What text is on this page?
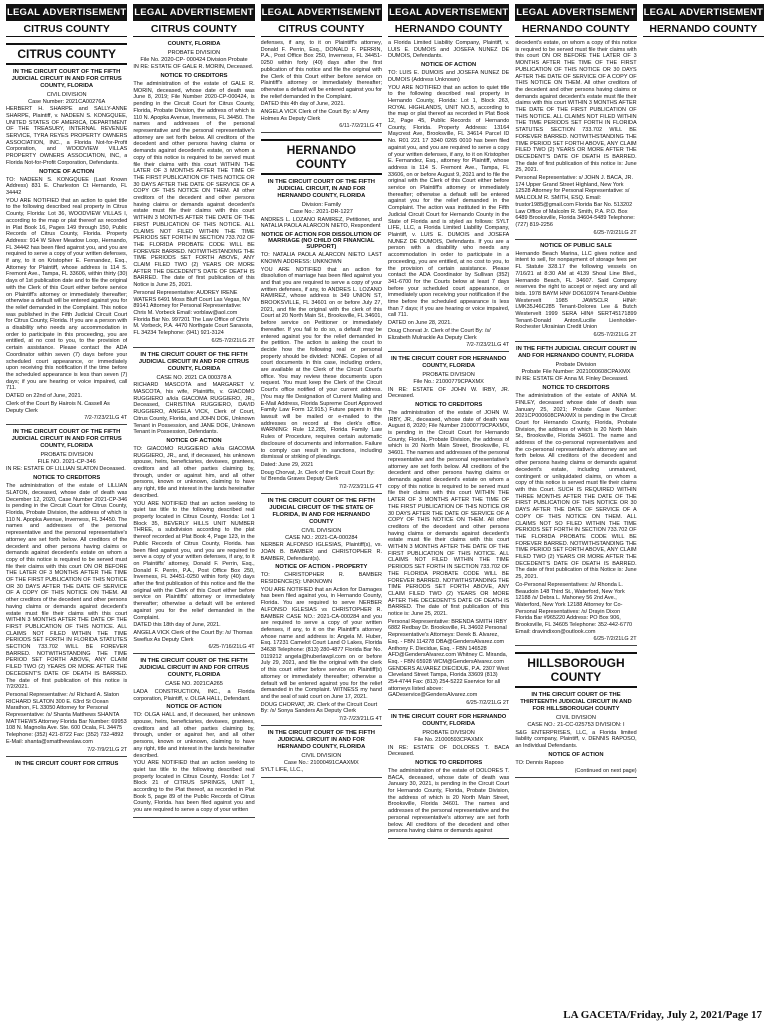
LEGAL ADVERTISEMENT
CITRUS COUNTY
CITRUS COUNTY
IN THE CIRCUIT COURT OF THE FIFTH JUDICIAL CIRCUIT IN AND FOR CITRUS COUNTY, FLORIDA
CIVIL DIVISION
Case Number: 2021CA00276A

HERBERT H. SHARPE and SALLY-ANNE SHARPE, Plaintiff, v. NADEEN S. KONGQUEE, UNITED STATES OF AMERICA, DEPARTMENT OF THE TREASURY, INTERNAL REVENUE SERVICE, TYRA REYES PROPERTY OWNERS ASSOCIATION, INC., a Florida Not-for-Profit Corporation, and WOODVIEW VILLAS PROPERTY OWNERS ASSOCIATION, INC, a Florida Not-for-Profit Corporation, Defendants.

NOTICE OF ACTION

TO: NADEEN S. KONGQUEE (Last Known Address) 831 E. Charleston Ct Hernando, FL 34442

YOU ARE NOTIFIED that an action to quiet title to the following described real property in Citrus County, Florida: Lot 36, WOODVIEW VILLAS I, according to the map or plat thereof as recorded in Plat Book 16, Pages 149 through 150, Public Records of Citrus County, Florida. Property Address: 914 W Silver Meadow Loop, Hernando, FL 34442 has been filed against you, and you are required to serve a copy of your written defenses, if any, to it on Kristopher E. Fernandez, Esq., Attorney for Plaintiff, whose address is 114 S. Fremont Ave., Tampa, FL 33606, within thirty (30) days of 1st publication date and to file the original with the Clerk of this Court either before service on Plaintiff's attorney or immediately thereafter; otherwise a default will be entered against you for the relief demanded in the Complaint. This notice was published in the Fifth Judicial Circuit Court for Citrus County, Florida. If you are a person with a disability who needs any accommodation in order to participate in this proceeding, you are entitled, at no cost to you, to the provision of certain assistance. Please contact the ADA Coordinator within seven (7) days before your scheduled court appearance, or immediately upon receiving this notification if the time before the scheduled appearance is less than seven (7) days; if you are hearing or voice impaired, call 711.

DATED on 22nd of June, 2021.
Clerk of the Court By Hairois N. Cassell As Deputy Clerk
7/2-7/23/21LG 4T
IN THE CIRCUIT COURT OF THE FIFTH JUDICIAL CIRCUIT IN AND FOR CITRUS COUNTY, FLORIDA
PROBATE DIVISION
FILE NO. 2021-CP-346

IN RE: ESTATE OF LILLIAN SLATON Deceased.

NOTICE TO CREDITORS

The administration of the estate of LILLIAN SLATON, deceased, whose date of death was December 12, 2020, Case Number 2021-CP-346 is pending in the Circuit Court for Citrus County, Florida, Probate Division, the address of which is 110 N. Apopka Avenue, Inverness, FL 34450. The names and addresses of the personal representative and the personal representative's attorney are set forth below. All creditors of the decedent and other persons having claims or demands against decedent's estate on whom a copy of this notice is required to be served must file their claims with this court ON OR BEFORE THE LATER OF 3 MONTHS AFTER THE TIME OF THE FIRST PUBLICATION OF THIS NOTICE OR 30 DAYS AFTER THE DATE OF SERVICE OF A COPY OF THIS NOTICE ON THEM. All other creditors of the decedent and other persons having claims or demands against decedent's estate must file their claims with this court WITHIN 3 MONTHS AFTER THE DATE OF THE FIRST PUBLICATION OF THIS NOTICE. ALL CLAIMS NOT FILED WITHIN THE TIME PERIODS SET FORTH IN FLORIDA STATUTES SECTION 733.702 WILL BE FOREVER BARRED. NOTWITHSTANDING THE TIME PERIOD SET FORTH ABOVE, ANY CLAIM FILED TWO (2) YEARS OR MORE AFTER THE DECEDENT'S DATE OF DEATH IS BARRED. The date of first publication of this notice is 7/2/2021.

Personal Representative: /s/ Richard A. Slaton RICHARD SLATON 300 E. 63rd St Ocean Marathon, FL 33050 Attorney for Personal Representative: /s/ Shanta Matthews SHANTA MATTHEWS Attorney Florida Bar Number: 69953 108 N. Magnolia Ave. Ste. 600 Ocala, FL 34475 Telephone: (352) 421-8722 Fax: (352) 732-4892 E-Mail: shanta@smatthewslaw.com
7/2-7/9/21LG 2T
IN THE CIRCUIT COURT FOR CITRUS
LEGAL ADVERTISEMENT
CITRUS COUNTY
COUNTY, FLORIDA
PROBATE DIVISION
File No. 2020-CP- 000424 Division Probate

IN RE: ESTATE OF GALE R. MORIN, Deceased.

NOTICE TO CREDITORS

The administration of the estate of GALE R. MORIN, deceased, whose date of death was June 8, 2019; File Number 2020-CP-000424, is pending in the Circuit Court for Citrus County, Florida, Probate Division, the address of which is 110 N. Apopka Avenue, Inverness, FL 34450. The names and addresses of the personal representative and the personal representative's attorney are set forth below. All creditors of the decedent and other persons having claims or demands against decedent's estate, on whom a copy of this notice is required to be served must file their claims with this court WITHIN THE LATER OF 3 MONTHS AFTER THE TIME OF THE FIRST PUBLICATION OF THIS NOTICE OR 30 DAYS AFTER THE DATE OF SERVICE OF A COPY OF THIS NOTICE ON THEM. All other creditors of the decedent and other persons having claims or demands against decedent's estate must file their claims with this court WITHIN 3 MONTHS AFTER THE DATE OF THE FIRST PUBLICATION OF THIS NOTICE. ALL CLAIMS NOT FILED WITHIN THE TIME PERIODS SET FORTH IN SECTION 733.702 OF THE FLORIDA PROBATE CODE WILL BE FOREVER BARRED. NOTWITHSTANDING THE TIME PERIODS SET FORTH ABOVE, ANY CLAIM FILED TWO (2) YEARS OR MORE AFTER THE DECEDENT'S DATE OF DEATH IS BARRED. The date of first publication of this Notice is June 25, 2021.

Personal Representative: AUDREY IRENE WATERS 6491 Moss Bluff Court Las Vegas, NV 89141 Attorney for Personal Representative: Chris M. Vorbeck Email: vorblaw@aol.com Florida Bar No. 997201 The Law Office of Chris M. Vorbeck, P.A. 4470 Northgate Court Sarasota, FL 34234 Telephone: (941) 921-3124
6/25-7/2/21LG 2T
IN THE CIRCUIT COURT OF THE FIFTH JUDICIAL CIRCUIT IN AND FOR CITRUS COUNTY, FLORIDA
CASE NO. 2021 CA 000378 A

RICHARD MASCOTA and MARGARET V. MASCOTA, his wife, Plaintiffs, v. GIACOMO RUGGIERO a/k/a GIACOMA RUGGIERO, JR., Deceased, CHRISTINA RUGGIERO, DAVID RUGGIERO, ANGELA VICK, Clerk of Court, Citrus County, Florida, and JOHN DOE, Unknown Tenant in Possession, and JANE DOE, Unknown Tenant in Possession, Defendants.

NOTICE OF ACTION

TO: GIACOMO RUGGIERO a/k/a GIACOMA RUGGIERO, JR., and, if deceased, his unknown spouse, heirs, beneficiaries, devisees, grantees, creditors and all other parties claiming by, through, under or against him, and all other persons, known or unknown, claiming to have any right, title and interest in the lands hereinafter described.

YOU ARE NOTIFIED that an action seeking to quiet tax title to the following described real property located in Citrus County, Florida: Lot 1 Block 35, BEVERLY HILLS UNIT NUMBER THREE, a subdivision according to the plat thereof recorded at Plat Book 4, Page 123, in the Public Records of Citrus County, Florida. has been filed against you, and you are required to serve a copy of your written defenses, if any, to it on Plaintiffs' attorney, Donald F. Perrin, Esq., Donald F. Perrin, P.A., Post Office Box 250, Inverness, FL 34451-0250 within forty (40) days after the first publication of this notice and file the original with the Clerk of this Court either before service on Plaintiffs' attorney or immediately thereafter; otherwise a default will be entered against you for the relief demanded in the Complaint.

DATED this 18th day of June, 2021.
ANGELA VICK Clerk of the Court By: /s/ Thomas Sweflux As Deputy Clerk
6/25-7/16/21LG 4T
IN THE CIRCUIT COURT OF THE FIFTH JUDICIAL CIRCUIT IN AND FOR CITRUS COUNTY, FLORIDA
CASE NO. 2021CA265

LADA CONSTRUCTION, INC., a Florida corporation, Plaintiff, v. OLGA HALL, Defendant.

NOTICE OF ACTION

TO: OLGA HALL and, if deceased, her unknown spouse, heirs, beneficiaries, devisees, grantees, creditors and all other parties claiming by, through, under or against her, and all other persons, known or unknown, claiming to have any right, title and interest in the lands hereinafter described.

YOU ARE NOTIFIED that an action seeking to quiet tax title to the following described real property located in Citrus County, Florida: Lot 7 Block 21 of CITRUS SPRINGS, UNIT 1, according to the Plat thereof, as recorded in Plat Book 5, page 89 of the Public Records of Citrus County, Florida. has been filed against you and you are required to serve a copy of your written

LEGAL ADVERTISEMENT
CITRUS COUNTY

defenses, if any, to it on Plaintiff's attorney, Donald F. Perrin, Esq., DONALD F. PERRIN, P.A., Post Office Box 250, Inverness, FL 34451-0250 within forty (40) days after the first publication of this notice and file the original with the Clerk of this Court either before service on Plaintiff's attorney or immediately thereafter; otherwise a default will be entered against you for the relief demanded in the Complaint.

DATED this 4th day of June, 2021.
ANGELA VICK Clerk of the Court By: s/ Amy Holmes As Deputy Clerk
6/11-7/2/21LG 4T
HERNANDO COUNTY
IN THE CIRCUIT COURT OF THE FIFTH JUDICIAL CIRCUIT, IN AND FOR HERNANDO COUNTY, FLORIDA
Division: Family
Case No.: 2021-DR-1227

ANDRES L. LOZANO RAMIREZ, Petitioner, and NATALIA PAOLA ALARCON NIETO, Respondent

NOTICE OF ACTION FOR DISSOLUTION OF MARRIAGE (NO CHILD OR FINANCIAL SUPPORT)

TO: NATALIA PAOLA ALARCON NIETO LAST KNOWN ADDRESS: UNKNOWN

YOU ARE NOTIFIED that an action for dissolution of marriage has been filed against you and that you are required to serve a copy of your written defenses, if any, to ANDRES L. LOZANO RAMIREZ, whose address is 349 UNION ST, BROOKSVILLE, FL 34601 on or before July 27, 2021, and file the original with the clerk of this Court at 20 North Main St., Brooksville, FL 34601, before service on Petitioner or immediately thereafter. If you fail to do so, a default may be entered against you for the relief demanded in the petition. The action is asking the court to decide how the following real or personal property should be divided: NONE. Copies of all court documents in this case, including orders, are available at the Clerk of the Circuit Court's office. You may review these documents upon request. You must keep the Clerk of the Circuit Court's office notified of your current address. (You may file Designation of Current Mailing and E-Mail Address, Florida Supreme Court Approved Family Law Form 12.915.) Future papers in this lawsuit will be mailed or e-mailed to the addresses on record at the clerk's office. WARNING: Rule 12.285, Florida Family Law Rules of Procedure, requires certain automatic disclosure of documents and information. Failure to comply can result in sanctions, including dismissal or striking of pleadings.

Dated: June 29, 2021
Doug Chorvat, Jr. Clerk of the Circuit Court By: /s/ Brenda Graves Deputy Clerk
7/2-7/23/21LG 4T
IN THE CIRCUIT COURT OF THE FIFTH JUDICIAL CIRCUIT OF THE STATE OF FLORIDA, IN AND FOR HERNANDO COUNTY
CIVIL DIVISION
CASE NO.: 2021-CA-000284

NERBER ALFONSO IGLESIAS, Plaintiff(s), vs. JOAN B. BAMBER and CHRISTOPHER R. BAMBER, Defendant(s).

NOTICE OF ACTION - PROPERTY

TO: CHRISTOPHER R. BAMBER RESIDENCE(S): UNKNOWN

YOU ARE NOTIFIED that an Action for Damages has been filed against you, in Hernando County, Florida. You are required to serve NERBER ALFONSO IGLESIAS vs CHRISTOPHER R. BAMBER CASE NO.: 2021-CA-000284 and you are required to serve a copy of your written defenses, if any, to it on the Plaintiff's attorney whose name and address is: Angela M. Huber, Esq. 17231 Camelot Court Land O Lakes, Florida 34638 Telephone: (813) 280-4877 Florida Bar No. 0119212 angela@huberlawpl.com on or before July 29, 2021, and file the original with the clerk of this court either before service on Plaintiff(s) attorney or immediately thereafter; otherwise a default will be entered against you for the relief demanded in the Complaint. WITNESS my hand and the seal of said court on June 17, 2021.

DOUG CHORVAT, JR. Clerk of the Circuit Court By: /s/ Sonya Sanders As Deputy Clerk
7/2-7/23/21LG 4T
IN THE CIRCUIT COURT OF THE FIFTH JUDICIAL CIRCUIT IN AND FOR HERNANDO COUNTY, FLORIDA
CIVIL DIVISION
Case No.: 21000491CAAXMX

SYLT LIFE, LLC.,

LEGAL ADVERTISEMENT
HERNANDO COUNTY

a Florida Limited Liability Company, Plaintiff, v. LUIS E. DUMOIS and JOSEFA NUNEZ DE DUMOIS, Defendants.

NOTICE OF ACTION

TO: LUIS E. DUMOIS and JOSEFA NUNEZ DE DUMOIS (Address Unknown)

YOU ARE NOTIFIED that an action to quiet title to the following described real property in Hernando County, Florida: Lot 1, Block 263, ROYAL HIGHLANDS, UNIT NO.5, according to the map or plat thereof as recorded in Plat Book 12, Page 45, Public Records of Hernando County, Florida. Property Address: 13164 Maycrest Ave, Brooksville, FL 34614 Parcel ID No. R01 221 17 3340 0265 0010 has been filed against you, and you are required to serve a copy of your written defenses, if any, to it on Kristopher E. Fernandez, Esq., attorney for Plaintiff, whose address is 114 S. Fremont Ave., Tampa, FL 33606, on or before August 9, 2021 and to file the original with the Clerk of this Court either before service on Plaintiff's attorney or immediately thereafter; otherwise a default will be entered against you for the relief demanded in the Complaint. The action was instituted in the Fifth Judicial Circuit Court for Hernando County in the State of Florida and is styled as follows: SYLT LIFE, LLC, a Florida Limited Liability Company, Plaintiff, v. LUIS E. DUMOIS and JOSEFA NUNEZ DE DUMOIS, Defendants. If you are a person with a disability who needs any accommodation in order to participate in a proceeding, you are entitled, at no cost to you, to the provision of certain assistance. Please contact the ADA Coordinator by Sullivan (352) 341-6700 for the Courts below at least 7 days before your scheduled court appearance, or immediately upon receiving your notification if the time before the scheduled appearance is less than 7 days; if you are hearing or voice impaired, call 711.

DATED on June 28, 2021.
Doug Chorvat Jr. Clerk of the Court By: /s/ Elizabeth Mulrackle As Deputy Clerk
7/2-7/23/21LG 4T
IN THE CIRCUIT COURT FOR HERNANDO COUNTY, FLORIDA
PROBATE DIVISION
File No.: 21000779CPAXMX

IN RE: ESTATE OF JOHN W. IRBY, JR. Deceased.

NOTICE TO CREDITORS

The administration of the estate of JOHN W. IRBY, JR., deceased, whose date of death was August 8, 2020; File Number 21000779CPAXMX, is pending in the Circuit Court for Hernando County, Florida, Probate Division, the address of which is 20 North Main Street, Brooksville, FL 34601. The names and addresses of the personal representative and the personal representative's attorney are set forth below. All creditors of the decedent and other persons having claims or demands against decedent's estate on whom a copy of this notice is required to be served must file their claims with this court WITHIN THE LATER OF 3 MONTHS AFTER THE TIME OF THE FIRST PUBLICATION OF THIS NOTICE OR 30 DAYS AFTER THE DATE OF SERVICE OF A COPY OF THIS NOTICE ON THEM. All other creditors of the decedent and other persons having claims or demands against decedent's estate must file their claims with this court WITHIN 3 MONTHS AFTER THE DATE OF THE FIRST PUBLICATION OF THIS NOTICE. ALL CLAIMS NOT FILED WITHIN THE TIME PERIODS SET FORTH IN SECTION 733.702 OF THE FLORIDA PROBATE CODE WILL BE FOREVER BARRED. NOTWITHSTANDING THE TIME PERIODS SET FORTH ABOVE, ANY CLAIM FILED TWO (2) YEARS OR MORE AFTER THE DECEDENT'S DATE OF DEATH IS BARRED. The date of first publication of this notice is: June 25, 2021.

Personal Representative: BRENDA SMITH IRBY 6882 Redbay Dr. Brooksville, FL 34602 Personal Representative's Attorneys: Derek B. Alvarez, Esq. - FBN 114278 DBA@GendersAlvarez.com Anthony F. Diecidue, Esq. - FBN 146528 AFD@GendersAlvarez.com Whitney C. Miranda, Esq. - FBN 65928 WCM@GendersAlvarez.com GENDERS ALVAREZ DIECIDUE, P.A. 2307 West Cleveland Street Tampa, Florida 33609 (813) 254-4744 Fax: (813) 254-5222 Eservice for all attorneys listed above: GADeservice@GendersAlvarez.com
6/25-7/2/21LG 2T
IN THE CIRCUIT COURT FOR HERNANDO COUNTY, FLORIDA
PROBATE DIVISION
File No. 21000593CPAXMX

IN RE: ESTATE OF DOLORES T. BACA Deceased.

NOTICE TO CREDITORS

The administration of the estate of DOLORES T. BACA, deceased, whose date of death was January 30, 2021, is pending in the Circuit Court for Hernando County, Florida, Probate Division, the address of which is 20 North Main Street, Brooksville, Florida 34601. The names and addresses of the personal representative and the personal representative's attorney are set forth below. All creditors of the decedent and other persons having claims or demands against

LEGAL ADVERTISEMENT
HERNANDO COUNTY

decedent's estate, on whom a copy of this notice is required to be served must file their claims with this court ON OR BEFORE THE LATER OF 3 MONTHS AFTER THE TIME OF THE FIRST PUBLICATION OF THIS NOTICE OR 30 DAYS AFTER THE DATE OF SERVICE OF A COPY OF THIS NOTICE ON THEM. All other creditors of the decedent and other persons having claims or demands against decedent's estate must file their claims with this court WITHIN 3 MONTHS AFTER THE DATE OF THE FIRST PUBLICATION OF THIS NOTICE. ALL CLAIMS NOT FILED WITHIN THE TIME PERIODS SET FORTH IN FLORIDA STATUTES SECTION 733.702 WILL BE FOREVER BARRED. NOTWITHSTANDING THE TIME PERIOD SET FORTH ABOVE, ANY CLAIM FILED TWO (2) YEARS OR MORE AFTER THE DECEDENT'S DATE OF DEATH IS BARRED. The date of first publication of this notice is: June 25, 2021.

Personal Representative: s/ JOHN J. BACA, JR. 174 Upper Grand Street Highland, New York 12528 Attorney for Personal Representative: s/ MALCOLM R. SMITH, ESQ. Email: trustor1985@gmail.com Florida Bar No. 513202 Law Office of Malcolm R. Smith, P.A. P.O. Box 6489 Brooksville, Florida 34604-5489 Telephone: (727) 819-2256
6/25-7/2/21LG 2T
NOTICE OF PUBLIC SALE

Hernando Beach Marina, LLC gives notice and intent to sell, for nonpayment of storage fees per FL Statute 328.17 the following vessels on 7/16/21 at 8:30 AM at 4139 Shoal Line Blvd., Hernando Beach, FL 34607. Said Company reserves the right to accept or reject any and all bids. 1978 BAYM HN# DO610974 Tenant-Debbie Westervelt 1985 JAWSCLR HIN#: LMK35J46C285 Tenant-Dolores Lee & Butch Westervelt 1999 SERA HIN# SERT45171899 Tenant-Donald Anton/Lucille Lienholder-Rochester Ukrainian Credit Union

6/25-7/2/21LG 2T
IN THE FIFTH JUDICIAL CIRCUIT COURT IN AND FOR HERNANDO COUNTY, FLORIDA
Probate Division
Probate File Number: 2021000608CPAXMX

IN RE: ESTATE OF Anna M. Finley Deceased.

NOTICE TO CREDITORS

The administration of the estate of ANNA M. FINLEY, deceased whose date of death was January 25, 2021; Probate Case Number: 2021CP000608CPAXMX is pending in the Circuit Court for Hernando County, Florida, Probate Division, the address of which is 20 North Main St., Brooksville, Florida 34601. The name and address of the co-personal representatives and the co-personal representative's attorney are set forth below. All creditors of the decedent and other persons having claims or demands against decedent's estate, including unmatured, contingent or unliquidated claims, on whom a copy of this notice is served must file their claims with this Court. SUCH IS REQUIRED WITHIN THREE MONTHS AFTER THE DATE OF THE FIRST PUBLICATION OF THIS NOTICE OR 30 DAYS AFTER THE DATE OF SERVICE OF A COPY OF THIS NOTICE ON THEM. ALL CLAIMS NOT SO FILED WITHIN THE TIME PERIODS SET FORTH IN SECTION 733.702 OF THE FLORIDA PROBATE CODE WILL BE FOREVER BARRED. NOTWITHSTANDING THE TIME PERIOD SET FORTH ABOVE, ANY CLAIM FILED TWO (2) YEARS OR MORE AFTER THE DECEDENT'S DATE OF DEATH IS BARRED. The date of first publication of this Notice is: June 25, 2021.

Co-Personal Representatives: /s/ Rhonda L. Beaudoin 148 Third St., Waterford, New York 12188 /s/ Debra L. Mahoney 56 2nd Ave., Waterford, New York 12188 Attorney for Co-Personal Representatives: /s/ Drayin Dixon Florida Bar #965220 Address: PO Box 906, Brooksville, FL 34605 Telephone: 352-442-6770 Email: dravindixon@outlook.com
6/25-7/2/21LG 2T
HILLSBOROUGH COUNTY
IN THE CIRCUIT COURT OF THE THIRTEENTH JUDICIAL CIRCUIT IN AND FOR HILLSBOROUGH COUNTY
CIVIL DIVISION
CASE NO.: 21-CC-025753 DIVISION: I

S&G ENTERPRISES, LLC, a Florida limited liability company, Plaintiff, v. DENNIS RAPOSO, an Individual Defendants.

NOTICE OF ACTION

TO: Dennis Raposo

(Continued on next page)
LEGAL ADVERTISEMENT
HERNANDO COUNTY
LA GACETA/Friday, July 2, 2021/Page 17
